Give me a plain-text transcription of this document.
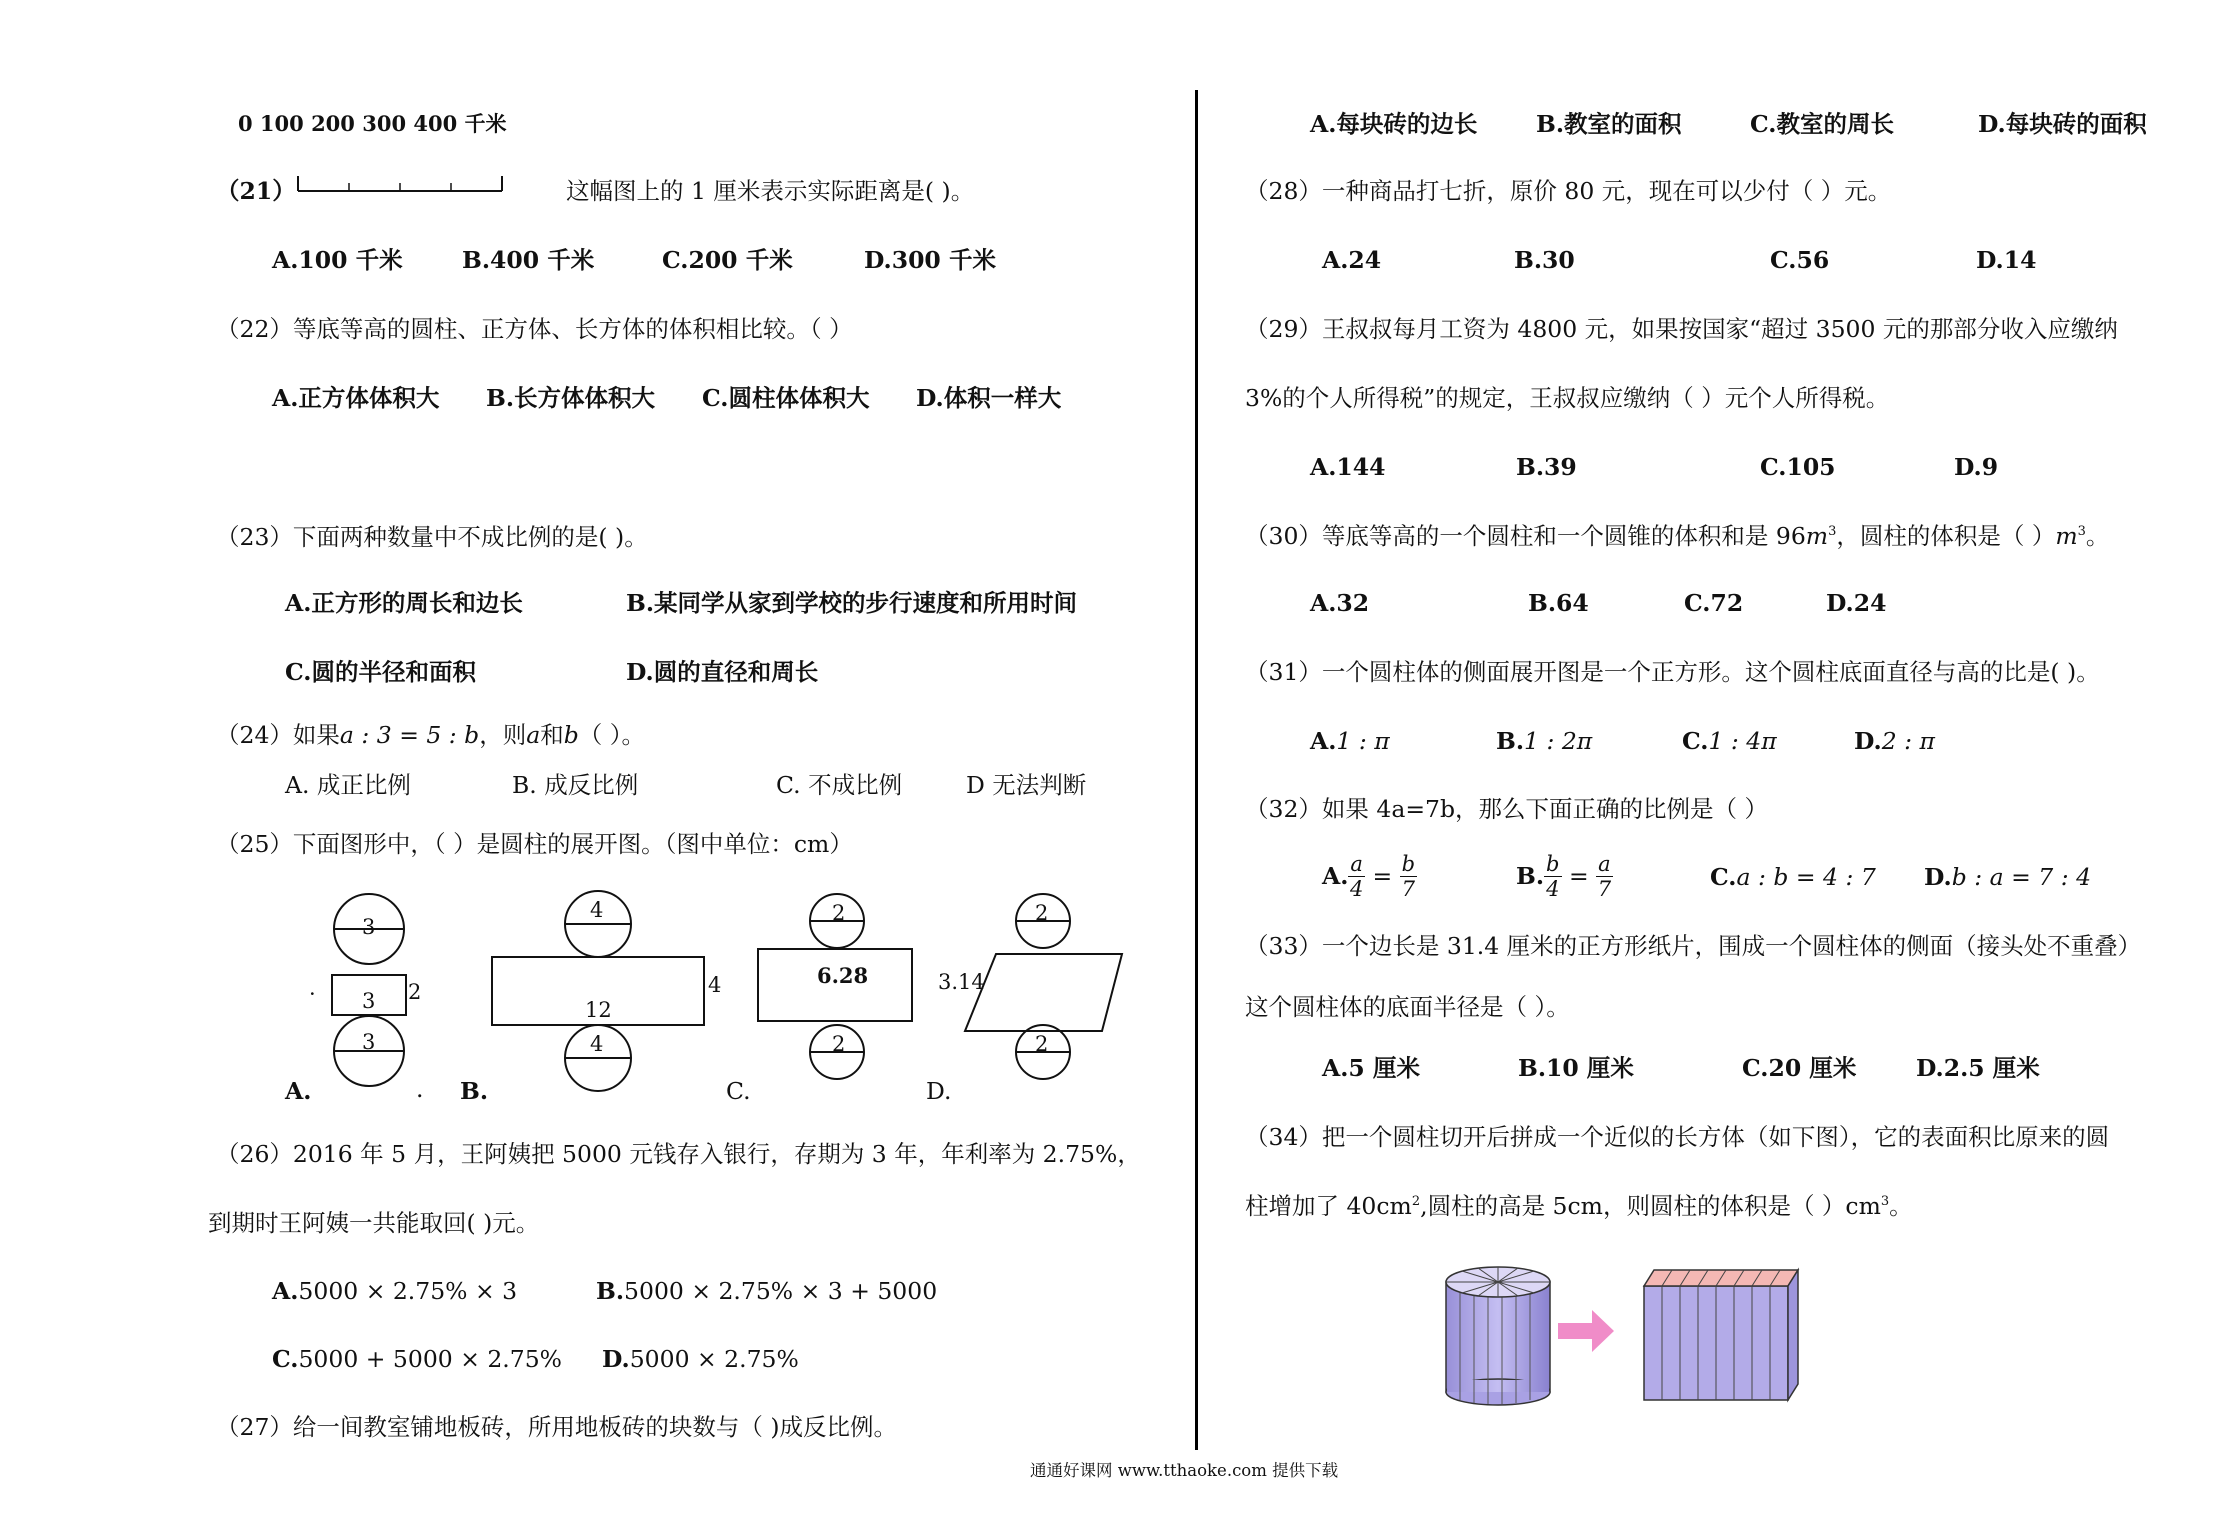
0 100 200 300 400 千米
（21）	这幅图上的 1 厘米表示实际距离是( )。
A.100 千米	B.400 千米	C.200 千米	D.300 千米
（22）等底等高的圆柱、正方体、长方体的体积相比较。（ ）
A.正方体体积大 B.长方体体积大 C.圆柱体体积大 D.体积一样大
（23）下面两种数量中不成比例的是( )。
A.正方形的周长和边长	B.某同学从家到学校的步行速度和所用时间
C.圆的半径和面积	D.圆的直径和周长
（24）如果a : 3 = 5 : b，则a和b（ ）。
A. 成正比例	B. 成反比例	C. 不成比例	D 无法判断
（25）下面图形中，（ ）是圆柱的展开图。（图中单位：cm）
3
3 2
3
·
A.	.
4
4
12
4
B.
2
6.28
2
C.
2
3.14
2
D.
（26）2016 年 5 月，王阿姨把 5000 元钱存入银行，存期为 3 年，年利率为 2.75%，
到期时王阿姨一共能取回( )元。
A.5000 × 2.75% × 3	B.5000 × 2.75% × 3 + 5000
C.5000 + 5000 × 2.75% D.5000 × 2.75%
（27）给一间教室铺地板砖，所用地板砖的块数与（ )成反比例。
A.每块砖的边长 B.教室的面积	C.教室的周长	D.每块砖的面积
（28）一种商品打七折，原价 80 元，现在可以少付（ ）元。
A.24	B.30	C.56	D.14
（29）王叔叔每月工资为 4800 元，如果按国家“超过 3500 元的那部分收入应缴纳
3%的个人所得税”的规定，王叔叔应缴纳（ ）元个人所得税。
A.144	B.39	C.105	D.9
（30）等底等高的一个圆柱和一个圆锥的体积和是 $96m^3$，圆柱的体积是（ ）$m^3$。
A.32	B.64	C.72	D.24
（31）一个圆柱体的侧面展开图是一个正方形。这个圆柱底面直径与高的比是( )。
A.1 : π	B.1 : 2π	C.1 : 4π	D.2 : π
（32）如果 4a=7b，那么下面正确的比例是（ ）
A. $\frac{a}{4} = \frac{b}{7}$	B. $\frac{b}{4} = \frac{a}{7}$	C.a : b = 4 : 7 D.b : a = 7 : 4
（33）一个边长是 31.4 厘米的正方形纸片，围成一个圆柱体的侧面（接头处不重叠）
这个圆柱体的底面半径是（ ）。
A.5 厘米	B.10 厘米	C.20 厘米	D.2.5 厘米
（34）把一个圆柱切开后拼成一个近似的长方体（如下图），它的表面积比原来的圆
柱增加了 $40cm^2$,圆柱的高是 5cm，则圆柱的体积是（ ）$cm^3$。
通通好课网 www.tthaoke.com 提供下载
